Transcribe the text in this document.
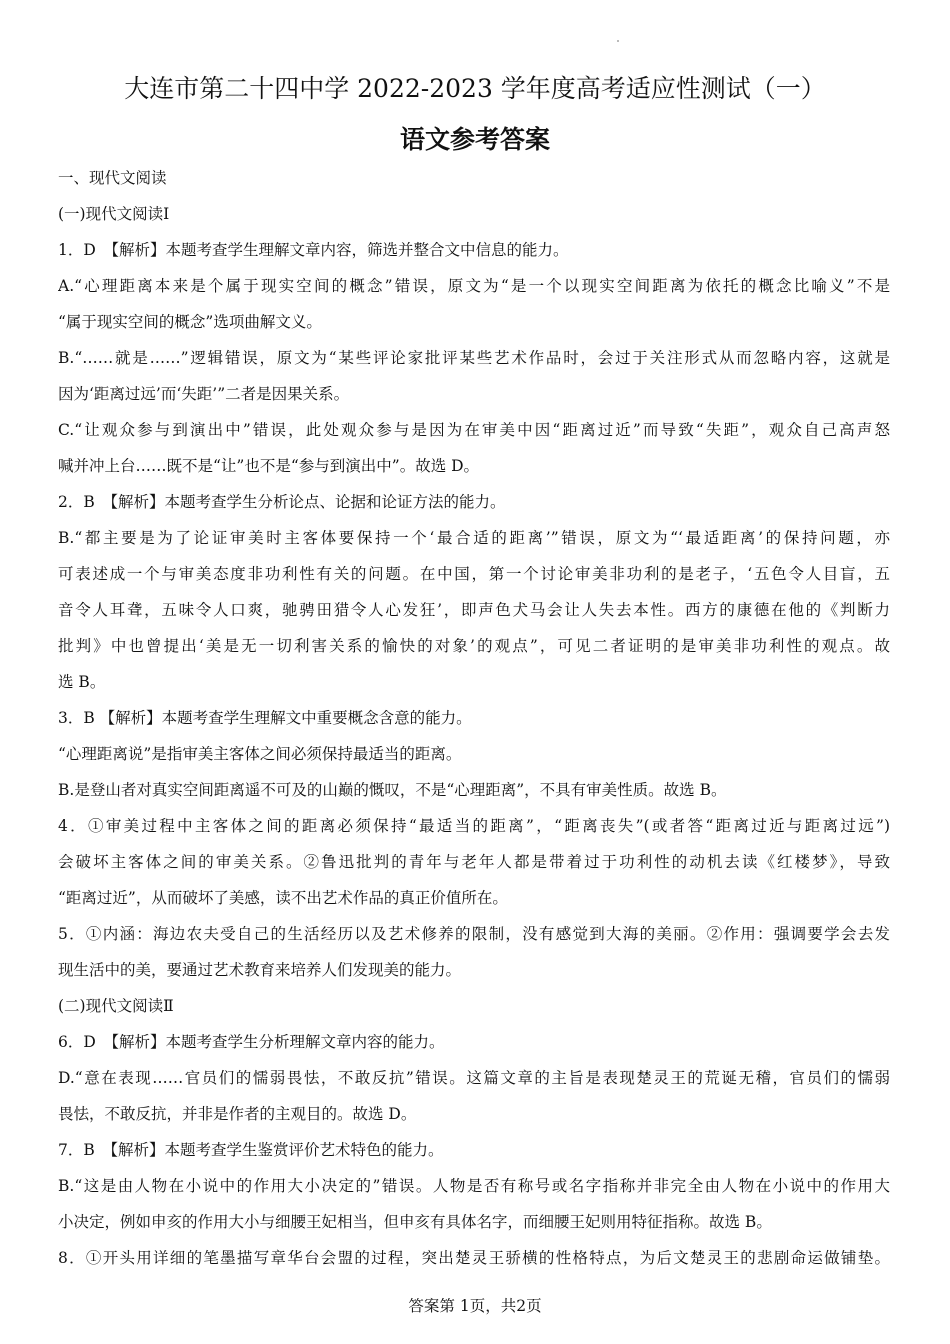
大连市第二十四中学 2022-2023 学年度高考适应性测试（一）
语文参考答案
一、现代文阅读
(一)现代文阅读Ⅰ
1．D　【解析】本题考查学生理解文章内容，筛选并整合文中信息的能力。
A.“心理距离本来是个属于现实空间的概念”错误，原文为“是一个以现实空间距离为依托的概念比喻义”不是
“属于现实空间的概念”选项曲解文义。
B.“……就是……”逻辑错误，原文为“某些评论家批评某些艺术作品时，会过于关注形式从而忽略内容，这就是
因为‘距离过远’而‘失距’”二者是因果关系。
C.“让观众参与到演出中”错误，此处观众参与是因为在审美中因“距离过近”而导致“失距”，观众自己高声怒
喊并冲上台……既不是“让”也不是“参与到演出中”。故选 D。
2．B　【解析】本题考查学生分析论点、论据和论证方法的能力。
B.“都主要是为了论证审美时主客体要保持一个‘最合适的距离’”错误，原文为“‘最适距离’的保持问题，亦
可表述成一个与审美态度非功利性有关的问题。在中国，第一个讨论审美非功利的是老子，‘五色令人目盲，五
音令人耳聋，五味令人口爽，驰骋田猎令人心发狂’，即声色犬马会让人失去本性。西方的康德在他的《判断力
批判》中也曾提出‘美是无一切利害关系的愉快的对象’的观点”，可见二者证明的是审美非功利性的观点。故
选 B。
3．B 【解析】本题考查学生理解文中重要概念含意的能力。
“心理距离说”是指审美主客体之间必须保持最适当的距离。
B.是登山者对真实空间距离遥不可及的山巅的慨叹，不是“心理距离”，不具有审美性质。故选 B。
4．①审美过程中主客体之间的距离必须保持“最适当的距离”，“距离丧失”(或者答“距离过近与距离过远”)
会破坏主客体之间的审美关系。②鲁迅批判的青年与老年人都是带着过于功利性的动机去读《红楼梦》，导致
“距离过近”，从而破坏了美感，读不出艺术作品的真正价值所在。
5．①内涵：海边农夫受自己的生活经历以及艺术修养的限制，没有感觉到大海的美丽。②作用：强调要学会去发
现生活中的美，要通过艺术教育来培养人们发现美的能力。
(二)现代文阅读Ⅱ
6．D　【解析】本题考查学生分析理解文章内容的能力。
D.“意在表现……官员们的懦弱畏怯，不敢反抗”错误。这篇文章的主旨是表现楚灵王的荒诞无稽，官员们的懦弱
畏怯，不敢反抗，并非是作者的主观目的。故选 D。
7．B　【解析】本题考查学生鉴赏评价艺术特色的能力。
B.“这是由人物在小说中的作用大小决定的”错误。人物是否有称号或名字指称并非完全由人物在小说中的作用大
小决定，例如申亥的作用大小与细腰王妃相当，但申亥有具体名字，而细腰王妃则用特征指称。故选 B。
8．①开头用详细的笔墨描写章华台会盟的过程，突出楚灵王骄横的性格特点，为后文楚灵王的悲剧命运做铺垫。
答案第 1页，共2页
